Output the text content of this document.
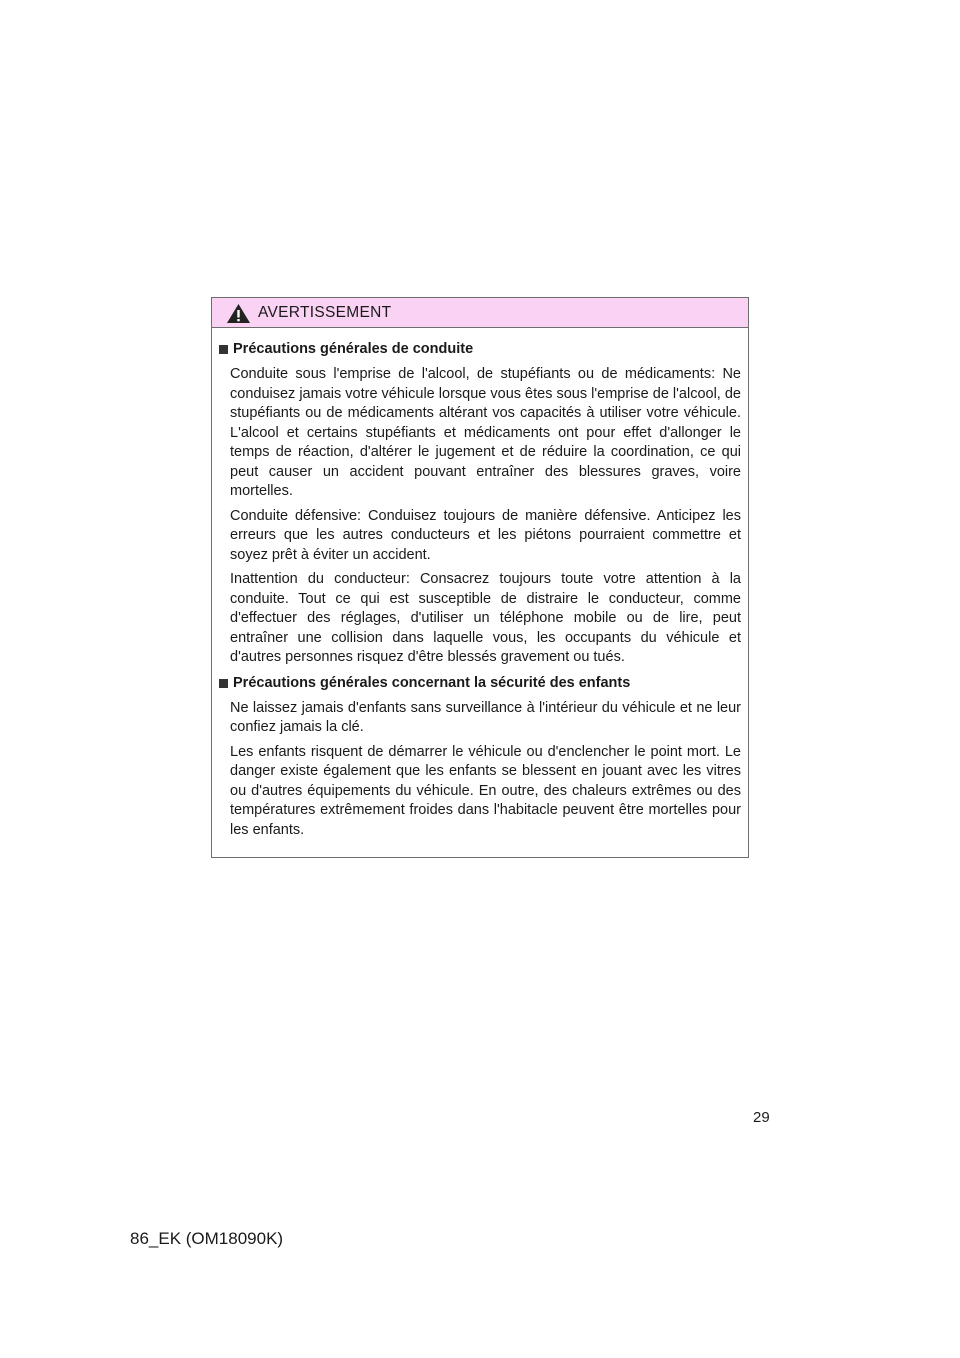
AVERTISSEMENT
Précautions générales de conduite

Conduite sous l'emprise de l'alcool, de stupéfiants ou de médicaments: Ne conduisez jamais votre véhicule lorsque vous êtes sous l'emprise de l'alcool, de stupéfiants ou de médicaments altérant vos capacités à utiliser votre véhicule. L'alcool et certains stupéfiants et médicaments ont pour effet d'allonger le temps de réaction, d'altérer le jugement et de réduire la coordination, ce qui peut causer un accident pouvant entraîner des blessures graves, voire mortelles.

Conduite défensive: Conduisez toujours de manière défensive. Anticipez les erreurs que les autres conducteurs et les piétons pourraient commettre et soyez prêt à éviter un accident.

Inattention du conducteur: Consacrez toujours toute votre attention à la conduite. Tout ce qui est susceptible de distraire le conducteur, comme d'effectuer des réglages, d'utiliser un téléphone mobile ou de lire, peut entraîner une collision dans laquelle vous, les occupants du véhicule et d'autres personnes risquez d'être blessés gravement ou tués.

Précautions générales concernant la sécurité des enfants

Ne laissez jamais d'enfants sans surveillance à l'intérieur du véhicule et ne leur confiez jamais la clé.

Les enfants risquent de démarrer le véhicule ou d'enclencher le point mort. Le danger existe également que les enfants se blessent en jouant avec les vitres ou d'autres équipements du véhicule. En outre, des chaleurs extrêmes ou des températures extrêmement froides dans l'habitacle peuvent être mortelles pour les enfants.

29
86_EK (OM18090K)
